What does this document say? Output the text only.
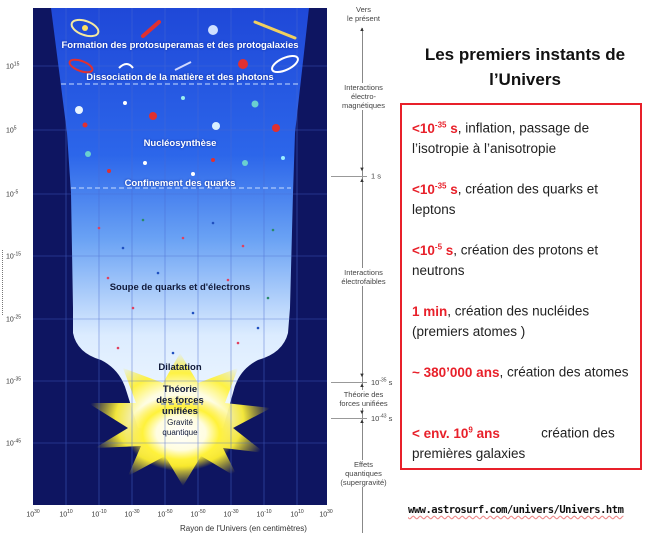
$10^{15}$
$10^5$
$10^{-5}$
$10^{-15}$
$10^{-25}$
$10^{-35}$
$10^{-45}$
Formation des protosuperamas et des protogalaxies
Dissociation de la matière et des photons
Nucléosynthèse
Confinement des quarks
Soupe de quarks et d'électrons
Dilatation
Théorie
des forces
unifiées
Gravité
quantique
$10^{30}$	$10^{10}$	$10^{-10}$	$10^{-30}$	$10^{-50}$	$10^{-50}$	$10^{-30}$	$10^{-10}$	$10^{10}$ $10^{30}$
Rayon de l'Univers (en centimètres)
▲
Vers
le présent
Interactions
électro-
magnétiques
▼
▲
1 s
Interactions
électrofaibles
▼
▲ $10^{-35}$ s
Théorie des
forces unifiées
▼
▲ $10^{-43}$ s
Effets
quantiques
(supergravité)
Les premiers instants de l’Univers
$<10^{-35}$ s, inflation, passage de l’isotropie à l’anisotropie
$<10^{-35}$ s, création des quarks et leptons
$<10^{-5}$ s, création des protons et neutrons
1 min, création des nucléides (premiers atomes )
~ 380’000 ans, création des atomes
< env. $10^9$ ans           création des premières galaxies
www.astrosurf.com/univers/Univers.htm
